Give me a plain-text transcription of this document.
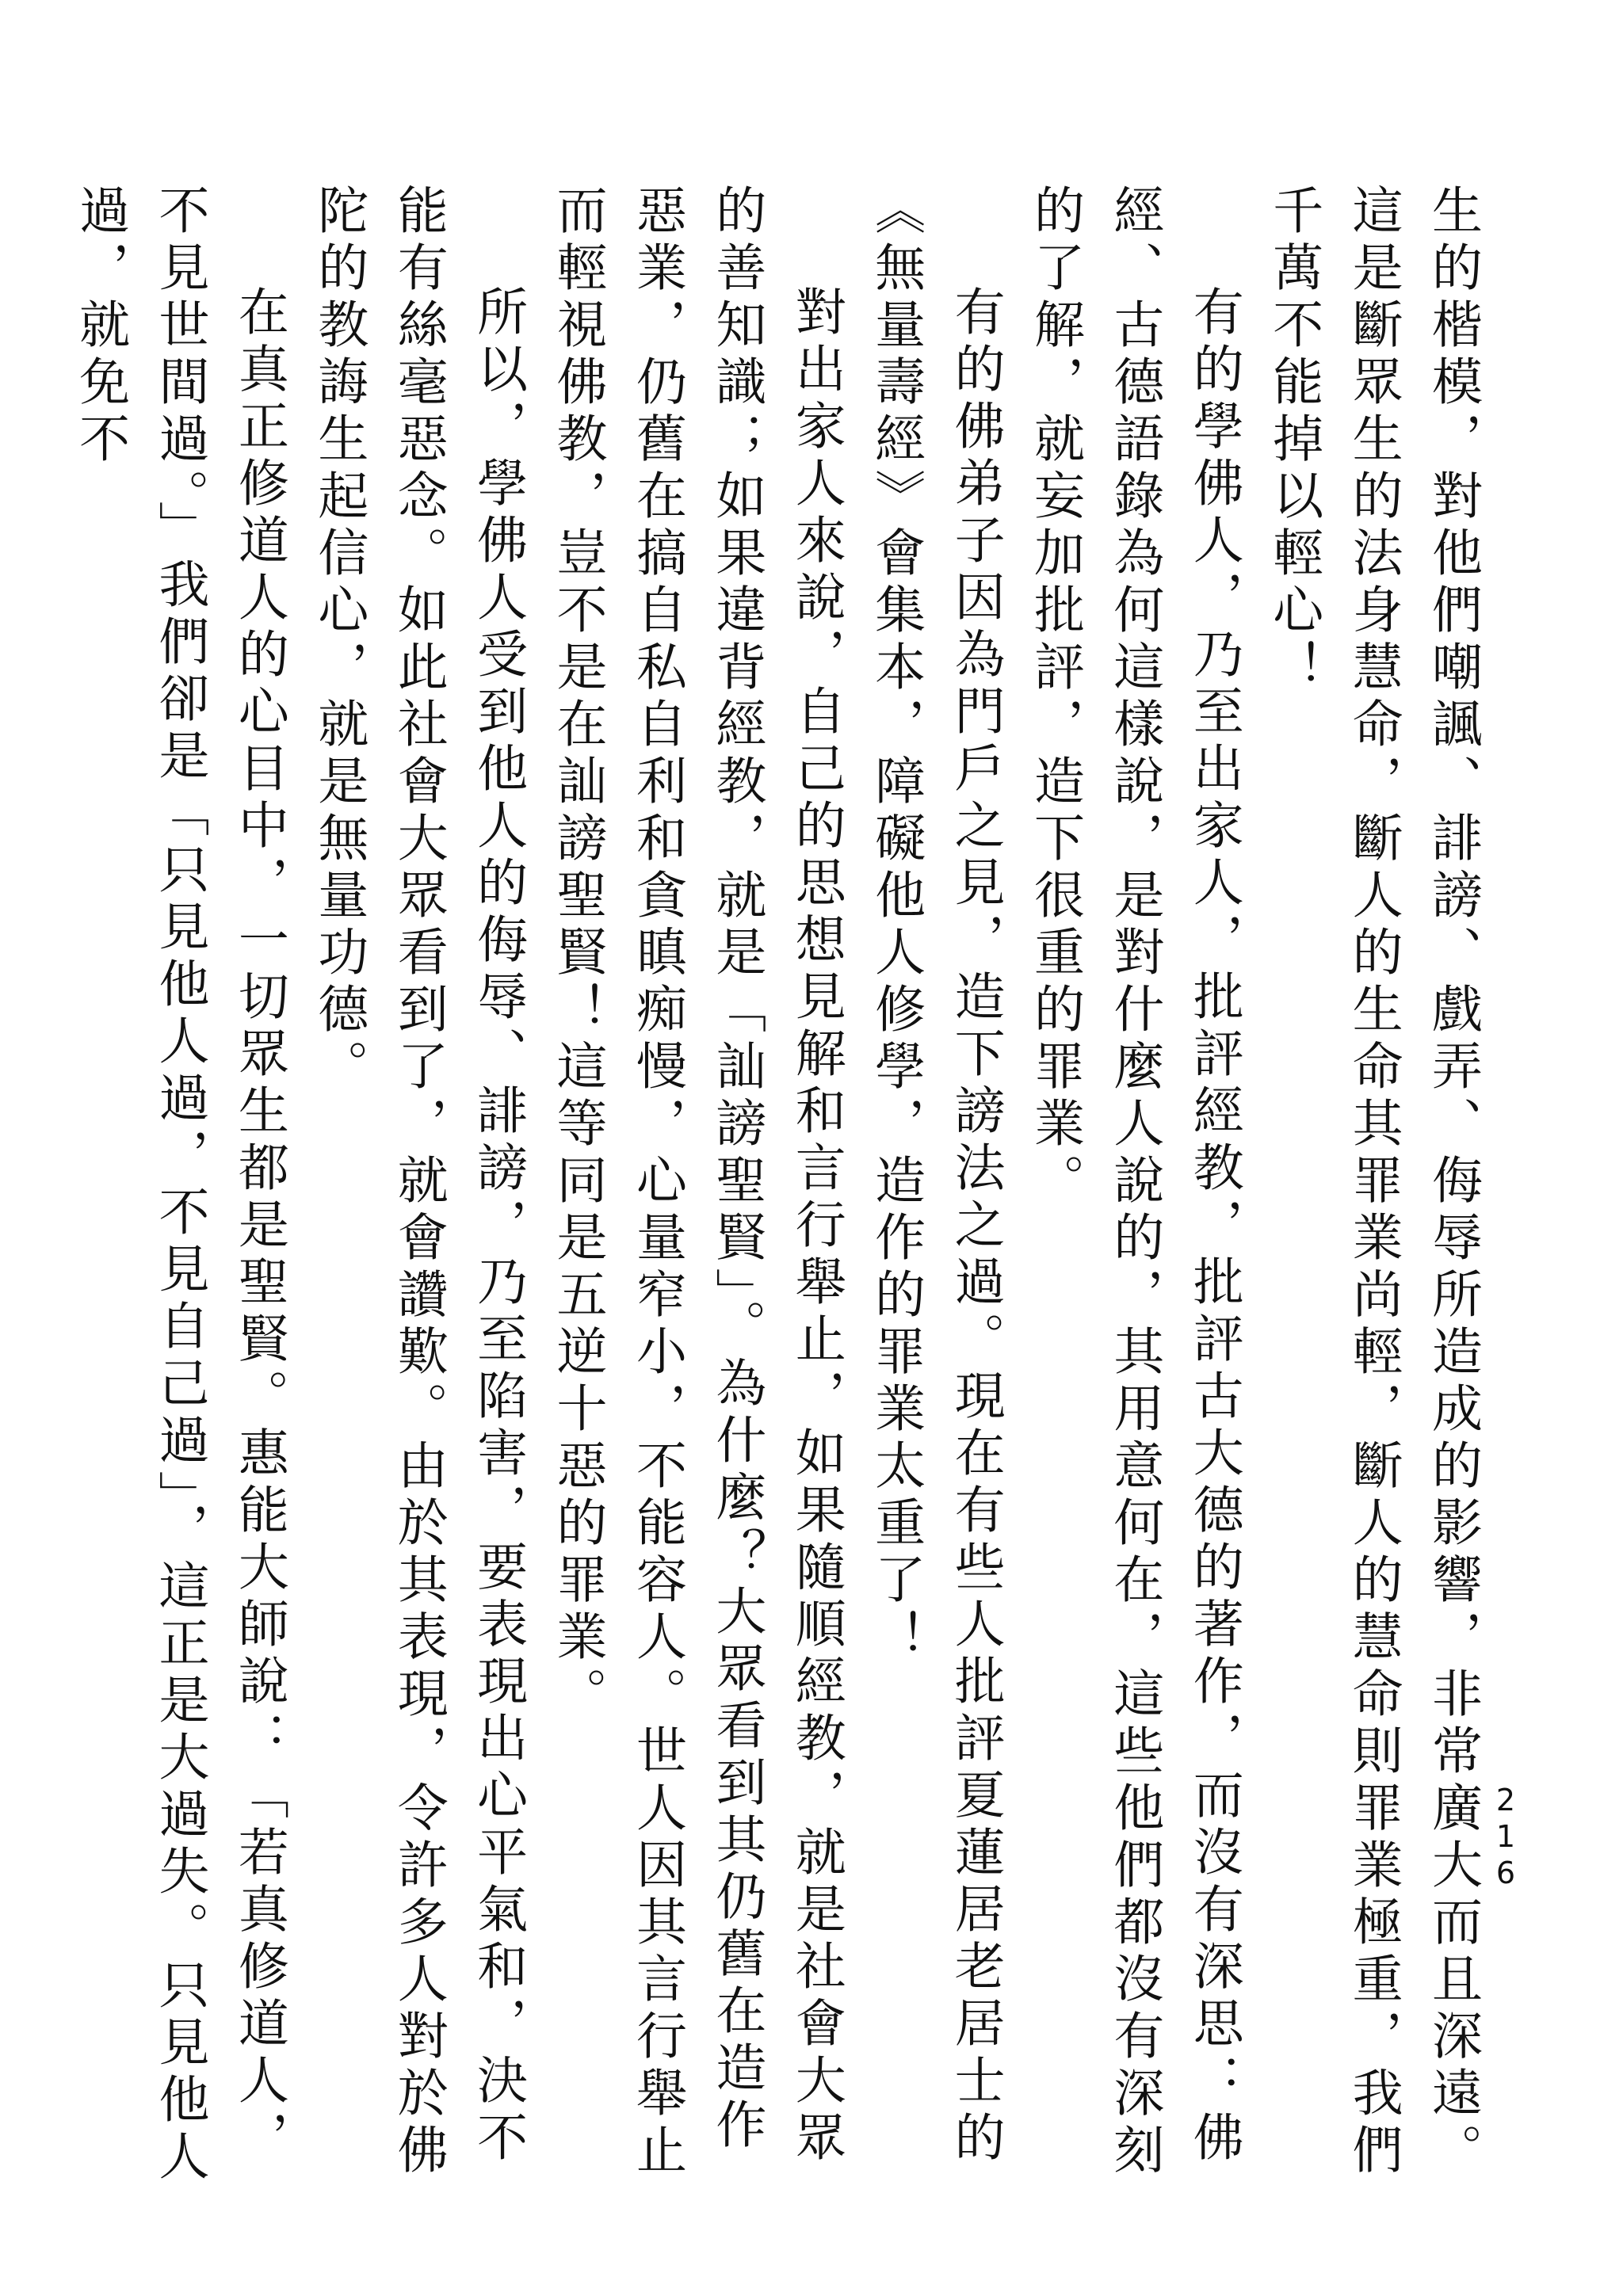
216

生的楷模，對他們嘲諷、誹謗、戲弄、侮辱所造成的影響，非常廣大而且深遠。這是斷眾生的法身慧命，斷人的生命其罪業尚輕，斷人的慧命則罪業極重，我們千萬不能掉以輕心！

有的學佛人，乃至出家人，批評經教，批評古大德的著作，而沒有深思：佛經、古德語錄為何這樣說，是對什麼人說的，其用意何在，這些他們都沒有深刻的了解，就妄加批評，造下很重的罪業。

有的佛弟子因為門戶之見，造下謗法之過。現在有些人批評夏蓮居老居士的《無量壽經》會集本，障礙他人修學，造作的罪業太重了！

對出家人來說，自己的思想見解和言行舉止，如果隨順經教，就是社會大眾的善知識；如果違背經教，就是「訕謗聖賢」。為什麼？大眾看到其仍舊在造作惡業，仍舊在搞自私自利和貪瞋痴慢，心量窄小，不能容人。世人因其言行舉止而輕視佛教，豈不是在訕謗聖賢！這等同是五逆十惡的罪業。

所以，學佛人受到他人的侮辱、誹謗，乃至陷害，要表現出心平氣和，決不能有絲毫惡念。如此社會大眾看到了，就會讚歎。由於其表現，令許多人對於佛陀的教誨生起信心，就是無量功德。

在真正修道人的心目中，一切眾生都是聖賢。惠能大師說：「若真修道人，不見世間過。」我們卻是「只見他人過，不見自己過」，這正是大過失。只見他人過，就免不
